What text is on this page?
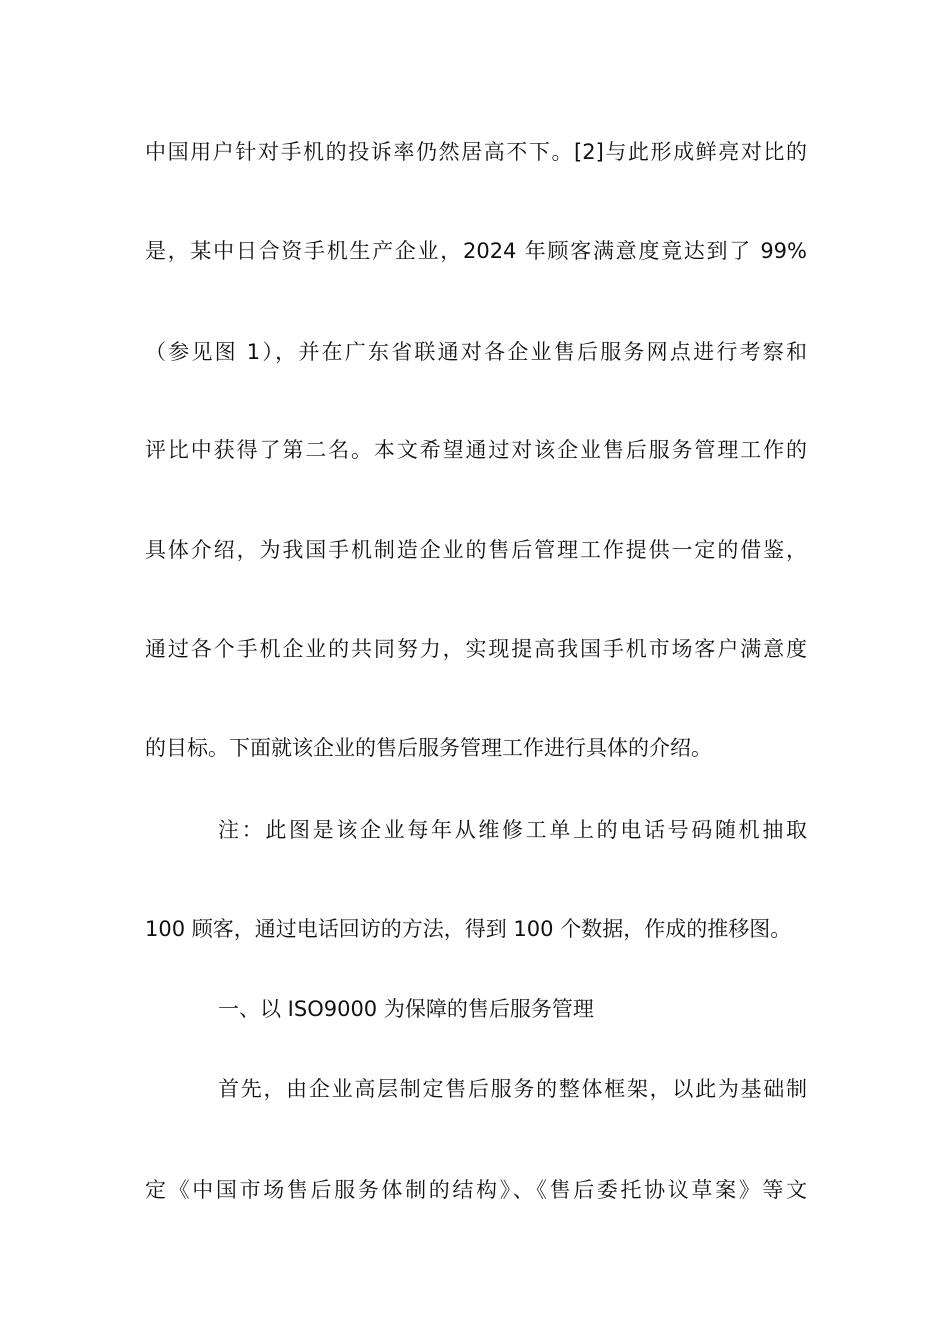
中国用户针对手机的投诉率仍然居高不下。[2]与此形成鲜亮对比的
是，某中日合资手机生产企业，2024 年顾客满意度竟达到了 99%
（参见图 1），并在广东省联通对各企业售后服务网点进行考察和
评比中获得了第二名。本文希望通过对该企业售后服务管理工作的
具体介绍，为我国手机制造企业的售后管理工作提供一定的借鉴，
通过各个手机企业的共同努力，实现提高我国手机市场客户满意度
的目标。下面就该企业的售后服务管理工作进行具体的介绍。
注：此图是该企业每年从维修工单上的电话号码随机抽取
100 顾客，通过电话回访的方法，得到 100 个数据，作成的推移图。
一、以 ISO9000 为保障的售后服务管理
首先，由企业高层制定售后服务的整体框架，以此为基础制
定《中国市场售后服务体制的结构》、《售后委托协议草案》等文
